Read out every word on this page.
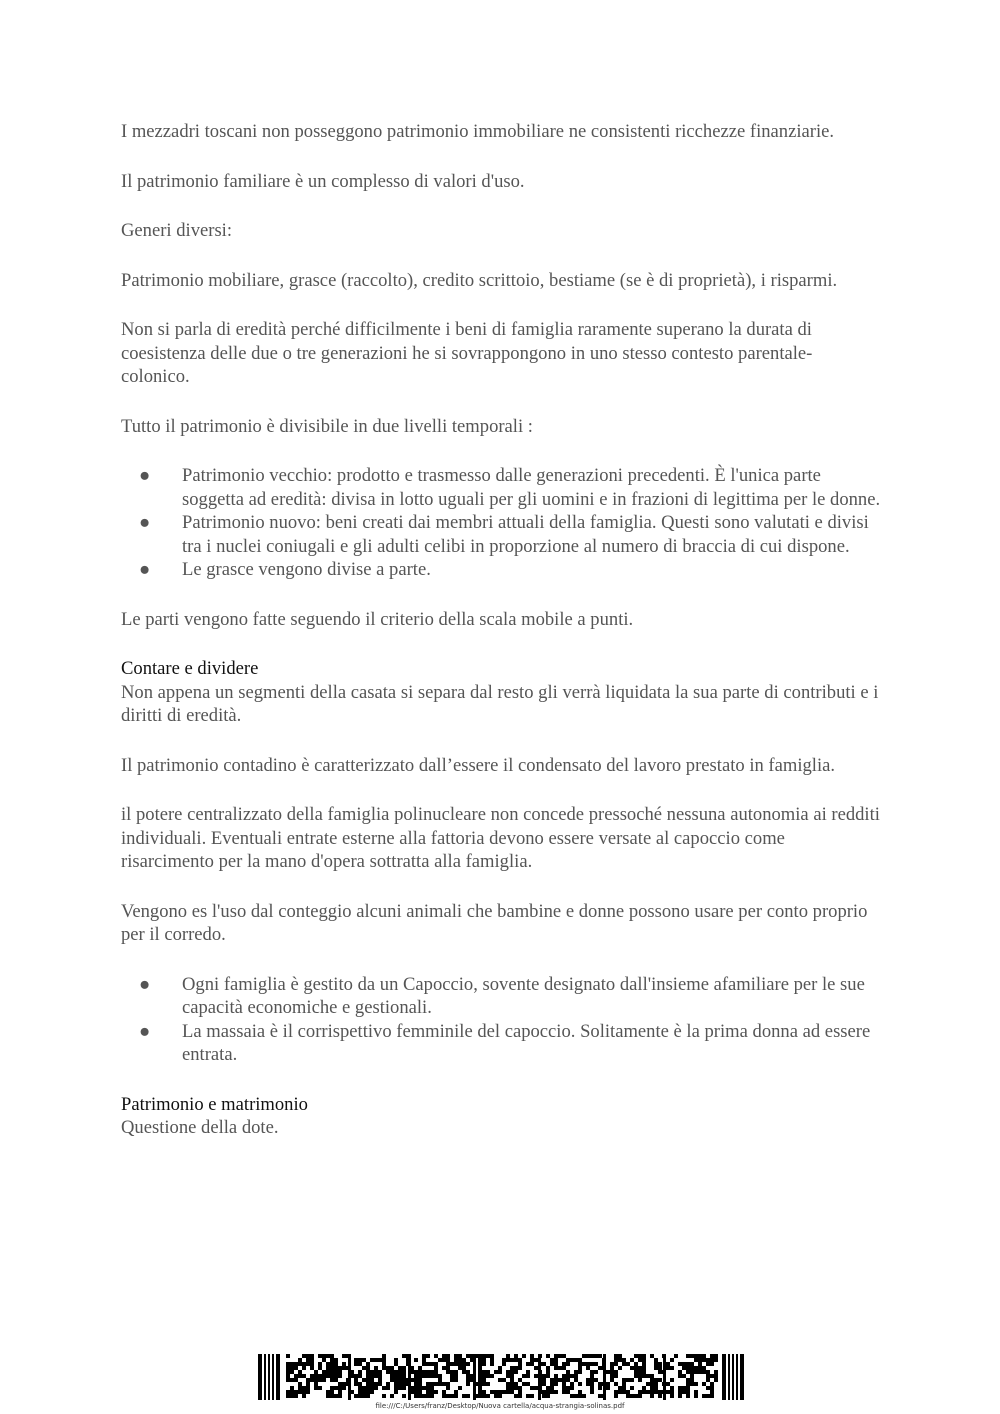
I mezzadri toscani non posseggono patrimonio immobiliare ne consistenti ricchezze finanziarie.

Il patrimonio familiare è un complesso di valori d'uso.

Generi diversi:

Patrimonio mobiliare, grasce (raccolto), credito scrittoio, bestiame (se è di proprietà), i risparmi.

Non si parla di eredità perché difficilmente i beni di famiglia raramente superano la durata di coesistenza delle due o tre generazioni he si sovrappongono in uno stesso contesto parentale-colonico.

Tutto il patrimonio è divisibile in due livelli temporali :

● Patrimonio vecchio: prodotto e trasmesso dalle generazioni precedenti. È l'unica parte soggetta ad eredità: divisa in lotto uguali per gli uomini e in frazioni di legittima per le donne.
● Patrimonio nuovo: beni creati dai membri attuali della famiglia. Questi sono valutati e divisi tra i nuclei coniugali e gli adulti celibi in proporzione al numero di braccia di cui dispone.
● Le grasce vengono divise a parte.

Le parti vengono fatte seguendo il criterio della scala mobile a punti.

Contare e dividere

Non appena un segmenti della casata si separa dal resto gli verrà liquidata la sua parte di contributi e i diritti di eredità.

Il patrimonio contadino è caratterizzato dall’essere il condensato del lavoro prestato in famiglia.

il potere centralizzato della famiglia polinucleare non concede pressoché nessuna autonomia ai redditi individuali. Eventuali entrate esterne alla fattoria devono essere versate al capoccio come risarcimento per la mano d'opera sottratta alla famiglia.

Vengono es l'uso dal conteggio alcuni animali che bambine e donne possono usare per conto proprio per il corredo.

● Ogni famiglia è gestito da un Capoccio, sovente designato dall'insieme afamiliare per le sue capacità economiche e gestionali.
● La massaia è il corrispettivo femminile del capoccio. Solitamente è la prima donna ad essere entrata.

Patrimonio e matrimonio

Questione della dote.

file:///C:/Users/franz/Desktop/Nuova cartella/acqua-strangia-solinas.pdf
